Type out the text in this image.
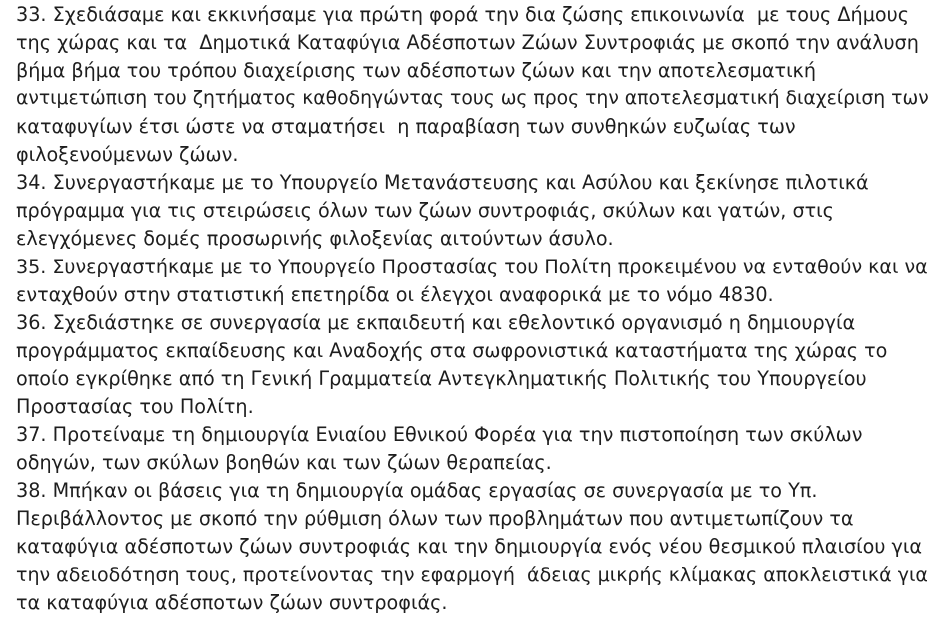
33. Σχεδιάσαμε και εκκινήσαμε για πρώτη φορά την δια ζώσης επικοινωνία  με τους Δήμους
της χώρας και τα  Δημοτικά Καταφύγια Αδέσποτων Ζώων Συντροφιάς με σκοπό την ανάλυση
βήμα βήμα του τρόπου διαχείρισης των αδέσποτων ζώων και την αποτελεσματική
αντιμετώπιση του ζητήματος καθοδηγώντας τους ως προς την αποτελεσματική διαχείριση των
καταφυγίων έτσι ώστε να σταματήσει  η παραβίαση των συνθηκών ευζωίας των
φιλοξενούμενων ζώων.

34. Συνεργαστήκαμε με το Υπουργείο Μετανάστευσης και Ασύλου και ξεκίνησε πιλοτικά
πρόγραμμα για τις στειρώσεις όλων των ζώων συντροφιάς, σκύλων και γατών, στις
ελεγχόμενες δομές προσωρινής φιλοξενίας αιτούντων άσυλο.

35. Συνεργαστήκαμε με το Υπουργείο Προστασίας του Πολίτη προκειμένου να ενταθούν και να
ενταχθούν στην στατιστική επετηρίδα οι έλεγχοι αναφορικά με το νόμο 4830.

36. Σχεδιάστηκε σε συνεργασία με εκπαιδευτή και εθελοντικό οργανισμό η δημιουργία
προγράμματος εκπαίδευσης και Αναδοχής στα σωφρονιστικά καταστήματα της χώρας το
οποίο εγκρίθηκε από τη Γενική Γραμματεία Αντεγκληματικής Πολιτικής του Υπουργείου
Προστασίας του Πολίτη.

37. Προτείναμε τη δημιουργία Ενιαίου Εθνικού Φορέα για την πιστοποίηση των σκύλων
οδηγών, των σκύλων βοηθών και των ζώων θεραπείας.

38. Μπήκαν οι βάσεις για τη δημιουργία ομάδας εργασίας σε συνεργασία με το Υπ.
Περιβάλλοντος με σκοπό την ρύθμιση όλων των προβλημάτων που αντιμετωπίζουν τα
καταφύγια αδέσποτων ζώων συντροφιάς και την δημιουργία ενός νέου θεσμικού πλαισίου για
την αδειοδότηση τους, προτείνοντας την εφαρμογή  άδειας μικρής κλίμακας αποκλειστικά για
τα καταφύγια αδέσποτων ζώων συντροφιάς.
